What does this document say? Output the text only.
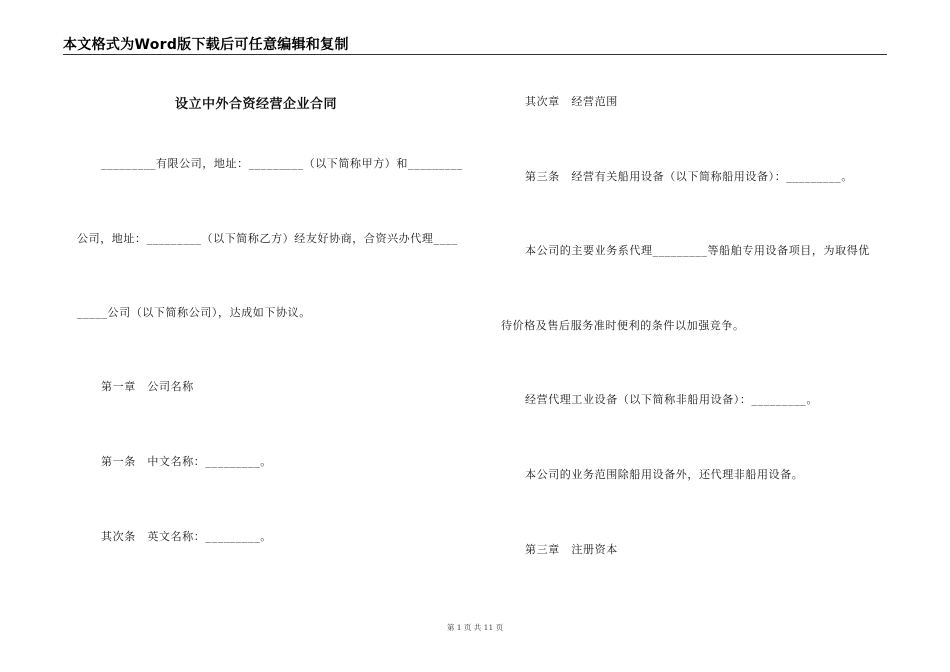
本文格式为Word版下载后可任意编辑和复制
设立中外合资经营企业合同
_________有限公司，地址：_________（以下简称甲方）和_________
公司，地址：_________（以下简称乙方）经友好协商，合资兴办代理____
_____公司（以下简称公司），达成如下协议。
第一章　公司名称
第一条　中文名称：_________。
其次条　英文名称：_________。
其次章　经营范围
第三条　经营有关船用设备（以下简称船用设备）：_________。
本公司的主要业务系代理_________等船舶专用设备项目，为取得优
待价格及售后服务准时便利的条件以加强竞争。
经营代理工业设备（以下简称非船用设备）：_________。
本公司的业务范围除船用设备外，还代理非船用设备。
第三章　注册资本
第 1 页 共 11 页
